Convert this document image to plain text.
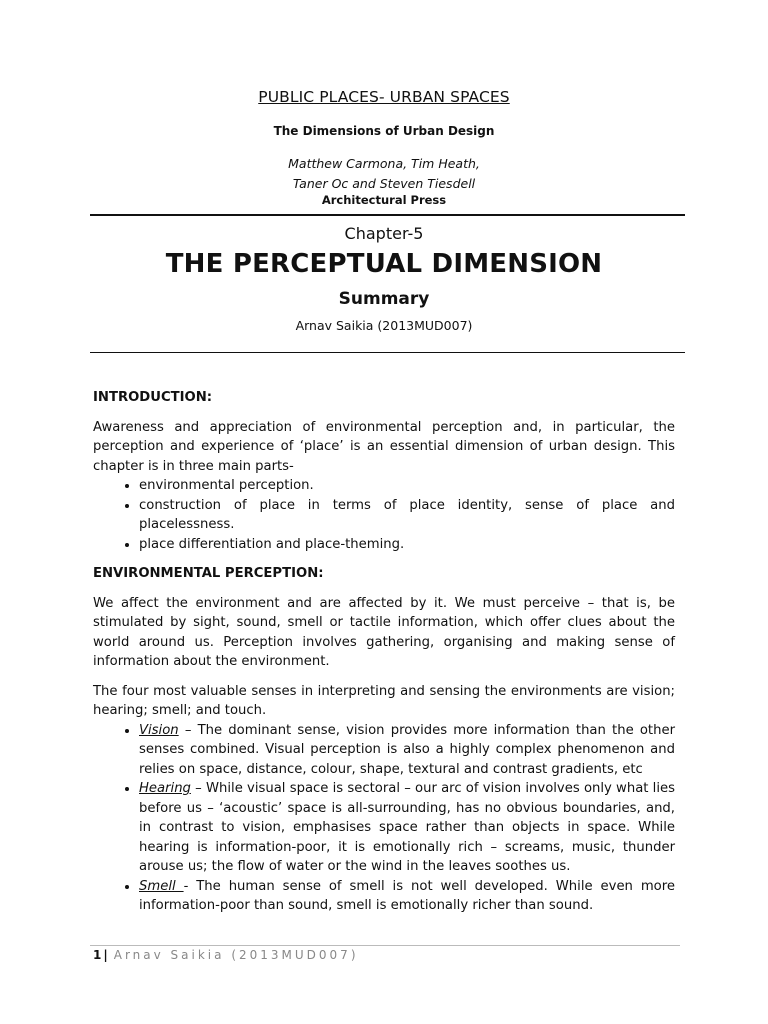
PUBLIC PLACES- URBAN SPACES
The Dimensions of Urban Design
Matthew Carmona, Tim Heath,
Taner Oc and Steven Tiesdell
Architectural Press
Chapter-5
THE PERCEPTUAL DIMENSION
Summary
Arnav Saikia (2013MUD007)
INTRODUCTION:

Awareness and appreciation of environmental perception and, in particular, the perception and experience of ‘place’ is an essential dimension of urban design. This chapter is in three main parts-

• environmental perception.
• construction of place in terms of place identity, sense of place and placelessness.
• place differentiation and place-theming.
ENVIRONMENTAL PERCEPTION:

We affect the environment and are affected by it. We must perceive – that is, be stimulated by sight, sound, smell or tactile information, which offer clues about the world around us. Perception involves gathering, organising and making sense of information about the environment.

The four most valuable senses in interpreting and sensing the environments are vision; hearing; smell; and touch.

• Vision – The dominant sense, vision provides more information than the other senses combined. Visual perception is also a highly complex phenomenon and relies on space, distance, colour, shape, textural and contrast gradients, etc
• Hearing – While visual space is sectoral – our arc of vision involves only what lies before us – ‘acoustic’ space is all-surrounding, has no obvious boundaries, and, in contrast to vision, emphasises space rather than objects in space. While hearing is information-poor, it is emotionally rich – screams, music, thunder arouse us; the flow of water or the wind in the leaves soothes us.
• Smell - The human sense of smell is not well developed. While even more information-poor than sound, smell is emotionally richer than sound.
1 | Arnav Saikia (2013MUD007)
